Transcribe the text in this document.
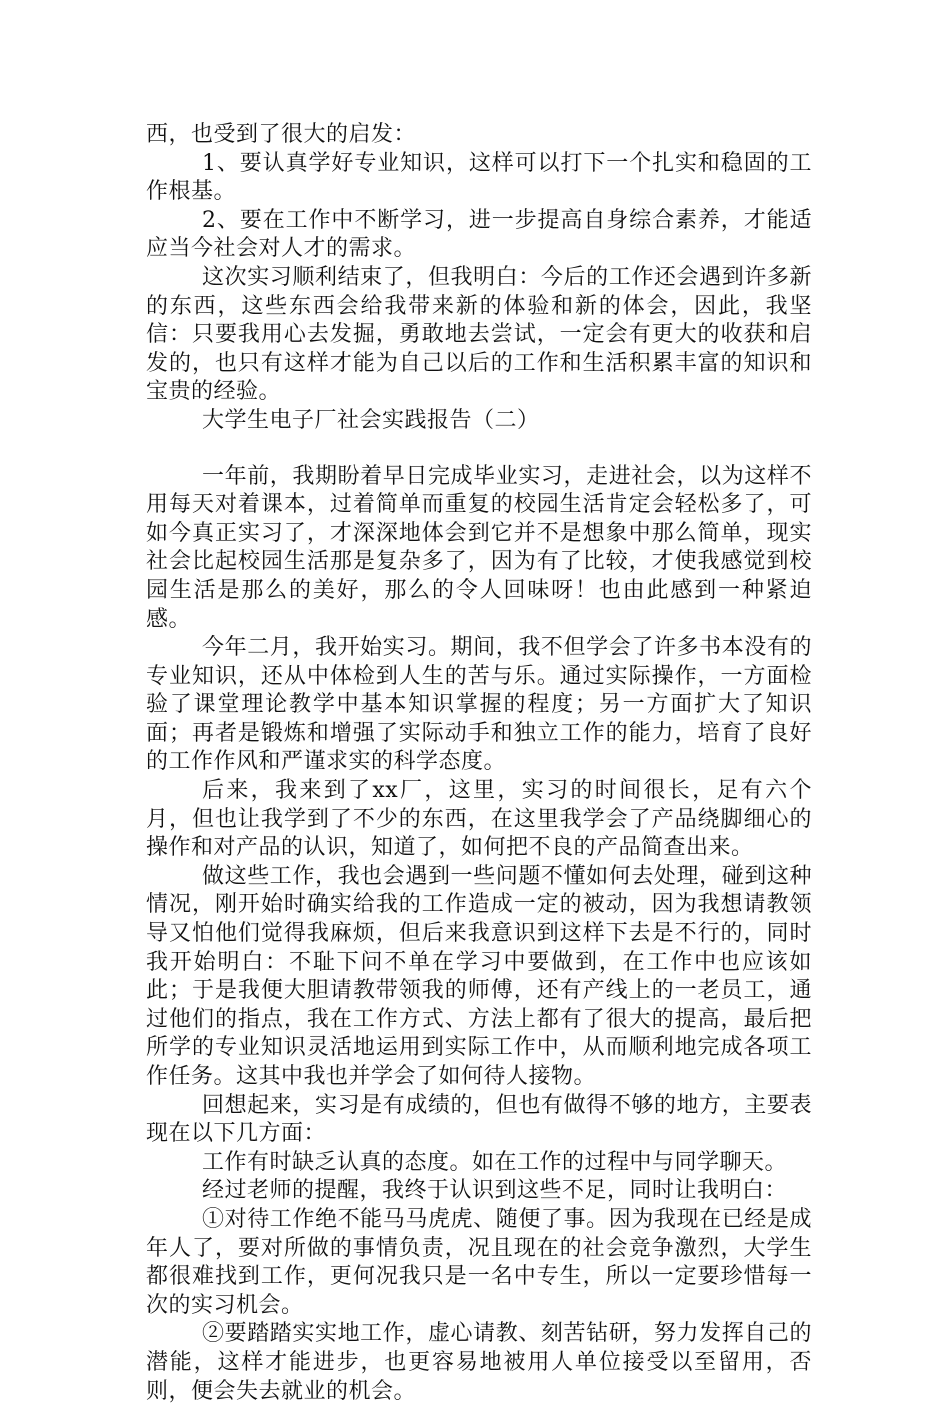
西，也受到了很大的启发：

1、要认真学好专业知识，这样可以打下一个扎实和稳固的工作根基。

2、要在工作中不断学习，进一步提高自身综合素养，才能适应当今社会对人才的需求。

这次实习顺利结束了，但我明白：今后的工作还会遇到许多新的东西，这些东西会给我带来新的体验和新的体会，因此，我坚信：只要我用心去发掘，勇敢地去尝试，一定会有更大的收获和启发的，也只有这样才能为自己以后的工作和生活积累丰富的知识和宝贵的经验。

大学生电子厂社会实践报告（二）

一年前，我期盼着早日完成毕业实习，走进社会，以为这样不用每天对着课本，过着简单而重复的校园生活肯定会轻松多了，可如今真正实习了，才深深地体会到它并不是想象中那么简单，现实社会比起校园生活那是复杂多了，因为有了比较，才使我感觉到校园生活是那么的美好，那么的令人回味呀！也由此感到一种紧迫感。

今年二月，我开始实习。期间，我不但学会了许多书本没有的专业知识，还从中体检到人生的苦与乐。通过实际操作，一方面检验了课堂理论教学中基本知识掌握的程度；另一方面扩大了知识面；再者是锻炼和增强了实际动手和独立工作的能力，培育了良好的工作作风和严谨求实的科学态度。

后来，我来到了xx厂，这里，实习的时间很长，足有六个月，但也让我学到了不少的东西，在这里我学会了产品绕脚细心的操作和对产品的认识，知道了，如何把不良的产品简查出来。

做这些工作，我也会遇到一些问题不懂如何去处理，碰到这种情况，刚开始时确实给我的工作造成一定的被动，因为我想请教领导又怕他们觉得我麻烦，但后来我意识到这样下去是不行的，同时我开始明白：不耻下问不单在学习中要做到，在工作中也应该如此；于是我便大胆请教带领我的师傅，还有产线上的一老员工，通过他们的指点，我在工作方式、方法上都有了很大的提高，最后把所学的专业知识灵活地运用到实际工作中，从而顺利地完成各项工作任务。这其中我也并学会了如何待人接物。

回想起来，实习是有成绩的，但也有做得不够的地方，主要表现在以下几方面：

工作有时缺乏认真的态度。如在工作的过程中与同学聊天。

经过老师的提醒，我终于认识到这些不足，同时让我明白：

①对待工作绝不能马马虎虎、随便了事。因为我现在已经是成年人了，要对所做的事情负责，况且现在的社会竞争激烈，大学生都很难找到工作，更何况我只是一名中专生，所以一定要珍惜每一次的实习机会。

②要踏踏实实地工作，虚心请教、刻苦钻研，努力发挥自己的潜能，这样才能进步，也更容易地被用人单位接受以至留用，否则，便会失去就业的机会。
